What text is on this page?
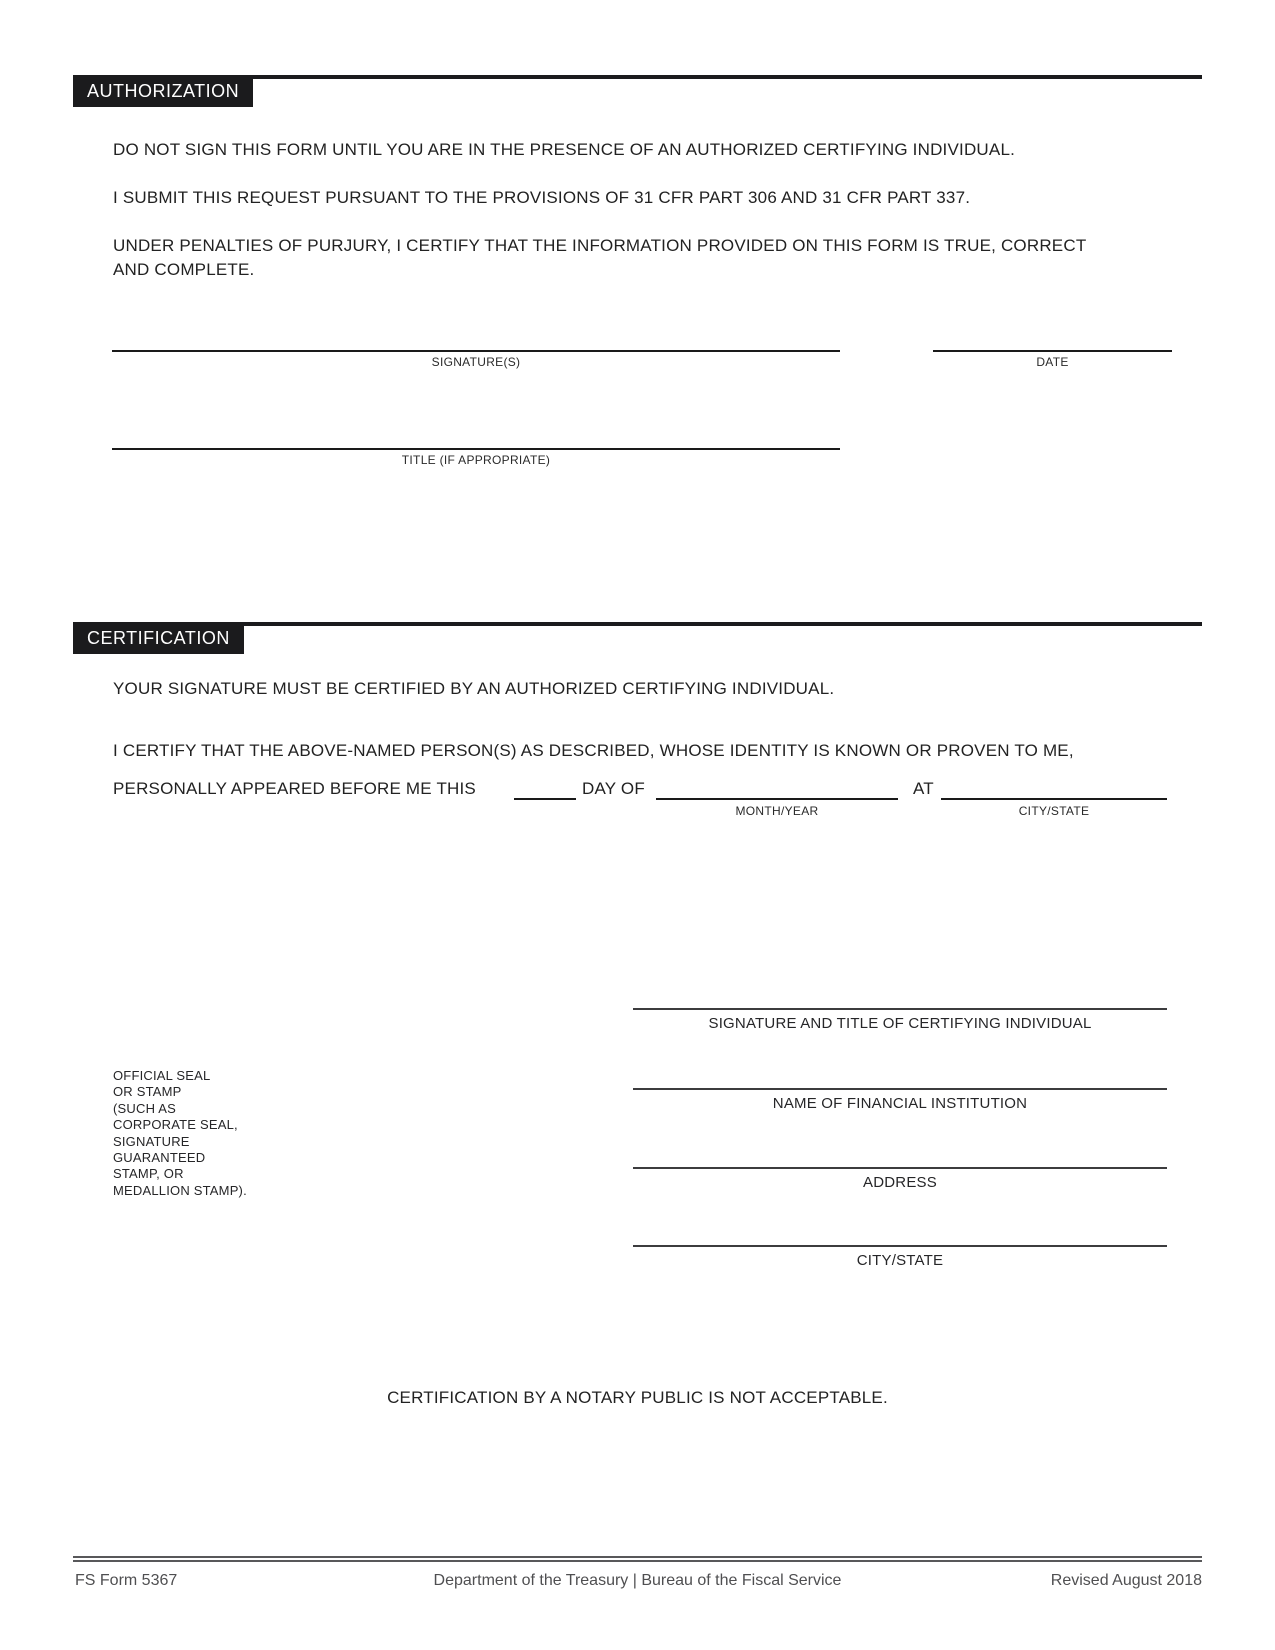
AUTHORIZATION
DO NOT SIGN THIS FORM UNTIL YOU ARE IN THE PRESENCE OF AN AUTHORIZED CERTIFYING INDIVIDUAL.
I SUBMIT THIS REQUEST PURSUANT TO THE PROVISIONS OF 31 CFR PART 306 AND 31 CFR PART 337.
UNDER PENALTIES OF PURJURY, I CERTIFY THAT THE INFORMATION PROVIDED ON THIS FORM IS TRUE, CORRECT
AND COMPLETE.
SIGNATURE(S)	DATE
TITLE (IF APPROPRIATE)
CERTIFICATION
YOUR SIGNATURE MUST BE CERTIFIED BY AN AUTHORIZED CERTIFYING INDIVIDUAL.
I CERTIFY THAT THE ABOVE-NAMED PERSON(S) AS DESCRIBED, WHOSE IDENTITY IS KNOWN OR PROVEN TO ME,
PERSONALLY APPEARED BEFORE ME THIS	DAY OF	AT
MONTH/YEAR	CITY/STATE
OFFICIAL SEAL
OR STAMP
(SUCH AS
CORPORATE SEAL,
SIGNATURE
GUARANTEED
STAMP, OR
MEDALLION STAMP).
SIGNATURE AND TITLE OF CERTIFYING INDIVIDUAL
NAME OF FINANCIAL INSTITUTION
ADDRESS
CITY/STATE
CERTIFICATION BY A NOTARY PUBLIC IS NOT ACCEPTABLE.
FS Form 5367	Department of the Treasury | Bureau of the Fiscal Service	Revised August 2018
